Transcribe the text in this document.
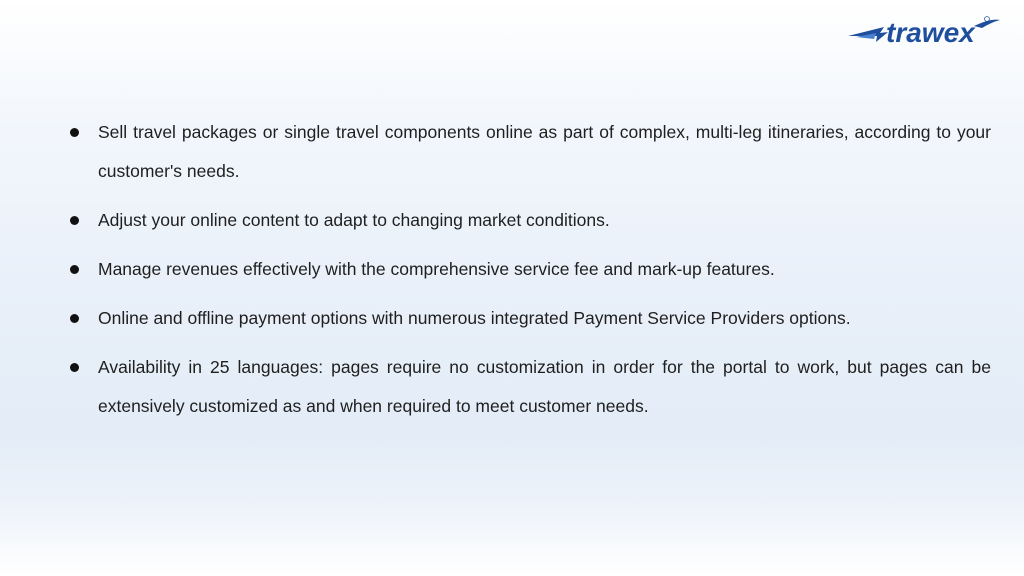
trawex
Sell travel packages or single travel components online as part of complex, multi-leg itineraries, according to your customer's needs.
Adjust your online content to adapt to changing market conditions.
Manage revenues effectively with the comprehensive service fee and mark-up features.
Online and offline payment options with numerous integrated Payment Service Providers options.
Availability in 25 languages: pages require no customization in order for the portal to work, but pages can be extensively customized as and when required to meet customer needs.
